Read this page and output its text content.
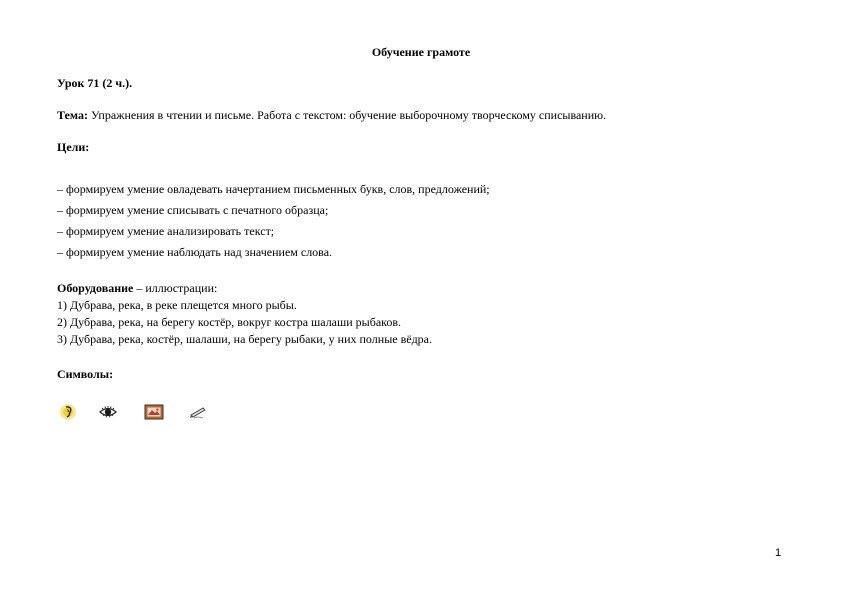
Обучение грамоте
Урок 71 (2 ч.).
Тема: Упражнения в чтении и письме. Работа с текстом: обучение выборочному творческому списыванию.
Цели:
– формируем умение овладевать начертанием письменных букв, слов, предложений;
– формируем умение списывать с печатного образца;
– формируем умение анализировать текст;
– формируем умение наблюдать над значением слова.
Оборудование – иллюстрации:
1) Дубрава, река, в реке плещется много рыбы.
2) Дубрава, река, на берегу костёр, вокруг костра шалаши рыбаков.
3) Дубрава, река, костёр, шалаши, на берегу рыбаки, у них полные вёдра.
Символы:
1
